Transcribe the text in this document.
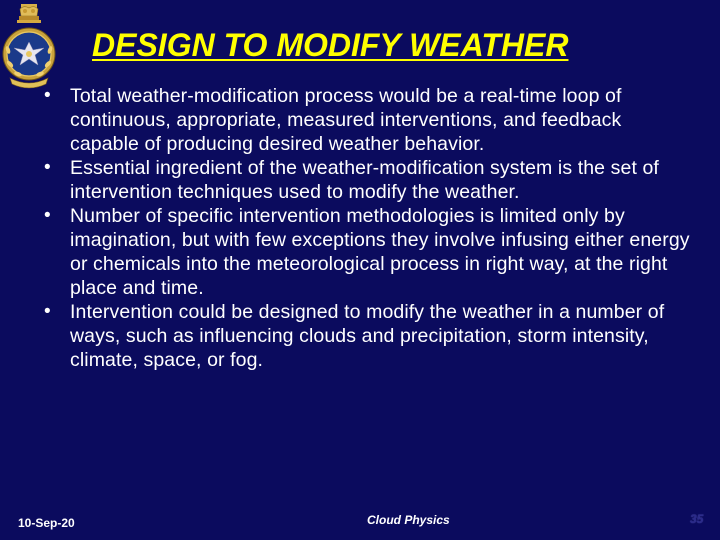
DESIGN TO MODIFY WEATHER
• Total weather-modification process would be a real-time loop of continuous, appropriate, measured interventions, and feedback capable of producing desired weather behavior.
• Essential ingredient of the weather-modification system is the set of intervention techniques used to modify the weather.
• Number of specific intervention methodologies is limited only by imagination, but with few exceptions they involve infusing either energy or chemicals into the meteorological process in right way, at the right place and time.
• Intervention could be designed to modify the weather in a number of ways, such as influencing clouds and precipitation, storm intensity, climate, space, or fog.
10-Sep-20	Cloud Physics	35
